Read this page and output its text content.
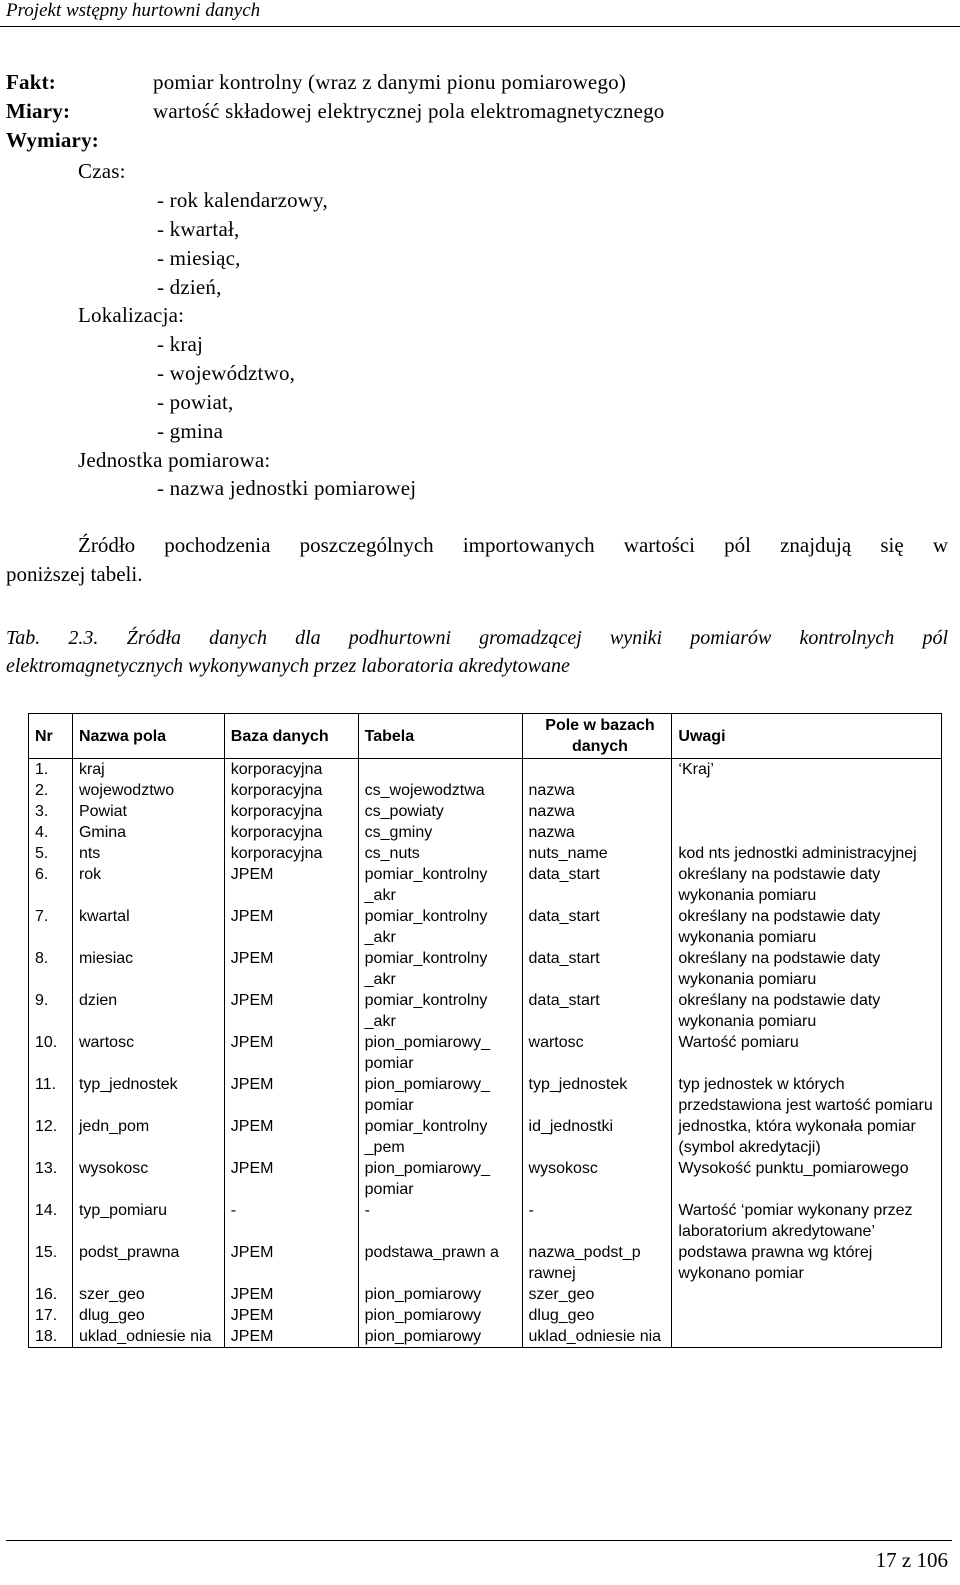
Projekt wstępny hurtowni danych
Fakt:	pomiar kontrolny (wraz z danymi pionu pomiarowego)
Miary:	wartość składowej elektrycznej pola elektromagnetycznego
Wymiary:
Czas:
- rok kalendarzowy,
- kwartał,
- miesiąc,
- dzień,
Lokalizacja:
- kraj
- województwo,
- powiat,
- gmina
Jednostka pomiarowa:
- nazwa jednostki pomiarowej
Źródło pochodzenia poszczególnych importowanych wartości pól znajdują się w
poniższej tabeli.
Tab. 2.3. Źródła danych dla podhurtowni gromadzącej wyniki pomiarów kontrolnych pól
elektromagnetycznych wykonywanych przez laboratoria akredytowane
Nr	Nazwa pola	Baza danych	Tabela	Pole w bazach danych	Uwagi
1.	kraj	korporacyjna			‘Kraj’
2.	wojewodztwo	korporacyjna	cs_wojewodztwa	nazwa	
3.	Powiat	korporacyjna	cs_powiaty	nazwa	
4.	Gmina	korporacyjna	cs_gminy	nazwa	
5.	nts	korporacyjna	cs_nuts	nuts_name	kod nts jednostki administracyjnej
6.	rok	JPEM	pomiar_kontrolny _akr	data_start	określany na podstawie daty wykonania pomiaru
7.	kwartal	JPEM	pomiar_kontrolny _akr	data_start	określany na podstawie daty wykonania pomiaru
8.	miesiac	JPEM	pomiar_kontrolny _akr	data_start	określany na podstawie daty wykonania pomiaru
9.	dzien	JPEM	pomiar_kontrolny _akr	data_start	określany na podstawie daty wykonania pomiaru
10.	wartosc	JPEM	pion_pomiarowy_ pomiar	wartosc	Wartość pomiaru
11.	typ_jednostek	JPEM	pion_pomiarowy_ pomiar	typ_jednostek	typ jednostek w których przedstawiona jest wartość pomiaru
12.	jedn_pom	JPEM	pomiar_kontrolny _pem	id_jednostki	jednostka, która wykonała pomiar (symbol akredytacji)
13.	wysokosc	JPEM	pion_pomiarowy_ pomiar	wysokosc	Wysokość punktu_pomiarowego
14.	typ_pomiaru	-	-	-	Wartość ‘pomiar wykonany przez laboratorium akredytowane’
15.	podst_prawna	JPEM	podstawa_prawn a	nazwa_podst_p rawnej	podstawa prawna wg której wykonano pomiar
16.	szer_geo	JPEM	pion_pomiarowy	szer_geo	
17.	dlug_geo	JPEM	pion_pomiarowy	dlug_geo	
18.	uklad_odniesie nia	JPEM	pion_pomiarowy	uklad_odniesie nia	
17 z 106
